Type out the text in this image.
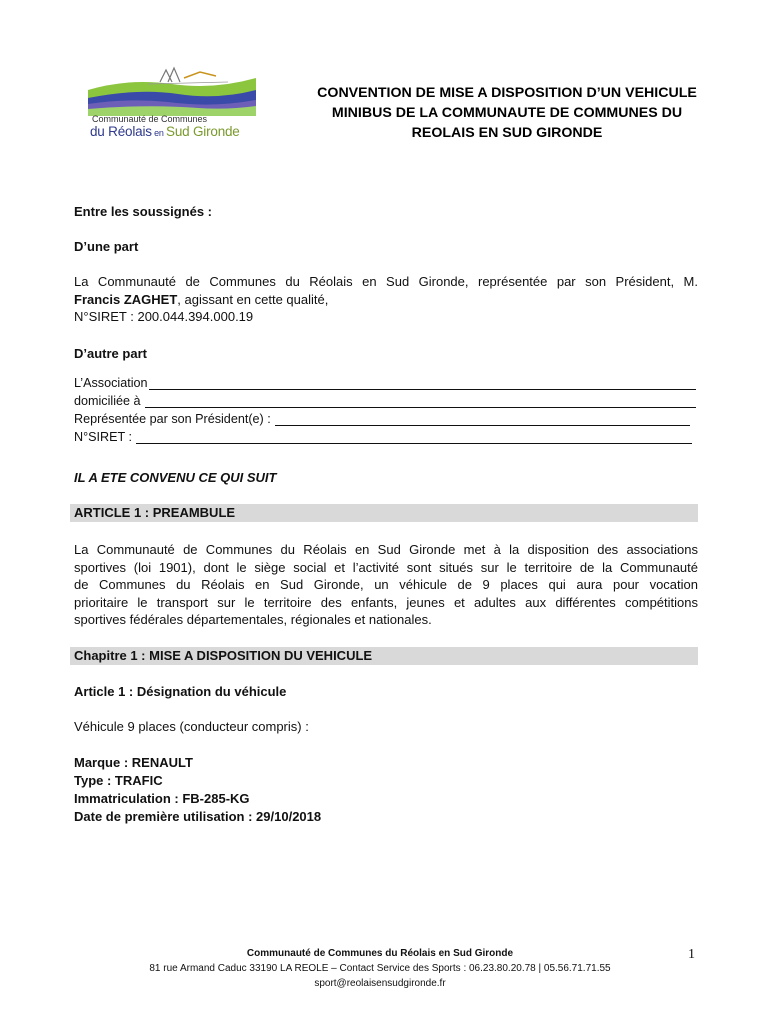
Communauté de Communes
du Réolais en Sud Gironde
CONVENTION DE MISE A DISPOSITION D’UN VEHICULE
MINIBUS DE LA COMMUNAUTE DE COMMUNES DU
REOLAIS EN SUD GIRONDE
Entre les soussignés :
D’une part
La Communauté de Communes du Réolais en Sud Gironde, représentée par son Président, M.
Francis ZAGHET, agissant en cette qualité,
N°SIRET : 200.044.394.000.19
D’autre part
L’Association
domiciliée à
Représentée par son Président(e) :
N°SIRET :
IL A ETE CONVENU CE QUI SUIT
ARTICLE 1 : PREAMBULE
La Communauté de Communes du Réolais en Sud Gironde met à la disposition des associations
sportives (loi 1901), dont le siège social et l’activité sont situés sur le territoire de la Communauté
de Communes du Réolais en Sud Gironde, un véhicule de 9 places qui aura pour vocation
prioritaire le transport sur le territoire des enfants, jeunes et adultes aux différentes compétitions
sportives fédérales départementales, régionales et nationales.
Chapitre 1 : MISE A DISPOSITION DU VEHICULE
Article 1 : Désignation du véhicule
Véhicule 9 places (conducteur compris) :
Marque : RENAULT
Type : TRAFIC
Immatriculation : FB-285-KG
Date de première utilisation : 29/10/2018
Communauté de Communes du Réolais en Sud Gironde
81 rue Armand Caduc 33190 LA REOLE – Contact Service des Sports : 06.23.80.20.78 | 05.56.71.71.55
sport@reolaisensudgironde.fr
1
